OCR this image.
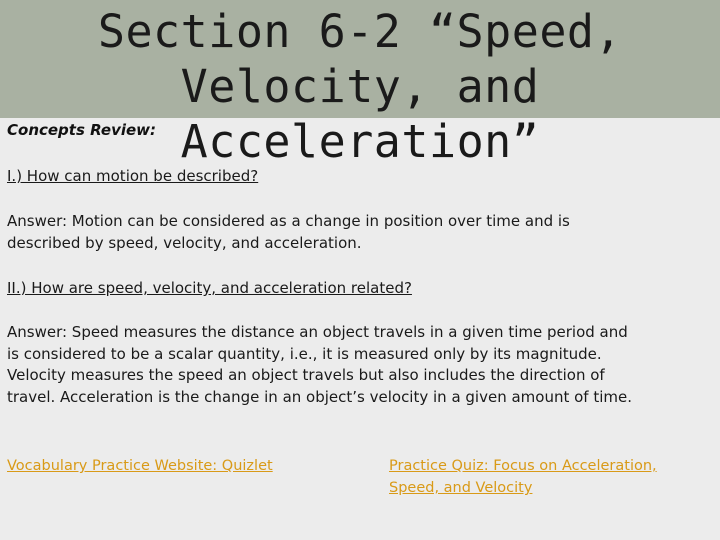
Section 6-2 “Speed,
Velocity, and Acceleration”
Concepts Review:
I.) How can motion be described?
Answer: Motion can be considered as a change in position over time and is
described by speed, velocity, and acceleration.
II.) How are speed, velocity, and acceleration related?
Answer: Speed measures the distance an object travels in a given time period and
is considered to be a scalar quantity, i.e., it is measured only by its magnitude.
Velocity measures the speed an object travels but also includes the direction of
travel. Acceleration is the change in an object’s velocity in a given amount of time.
Vocabulary Practice Website: Quizlet	Practice Quiz: Focus on Acceleration,
Speed, and Velocity
